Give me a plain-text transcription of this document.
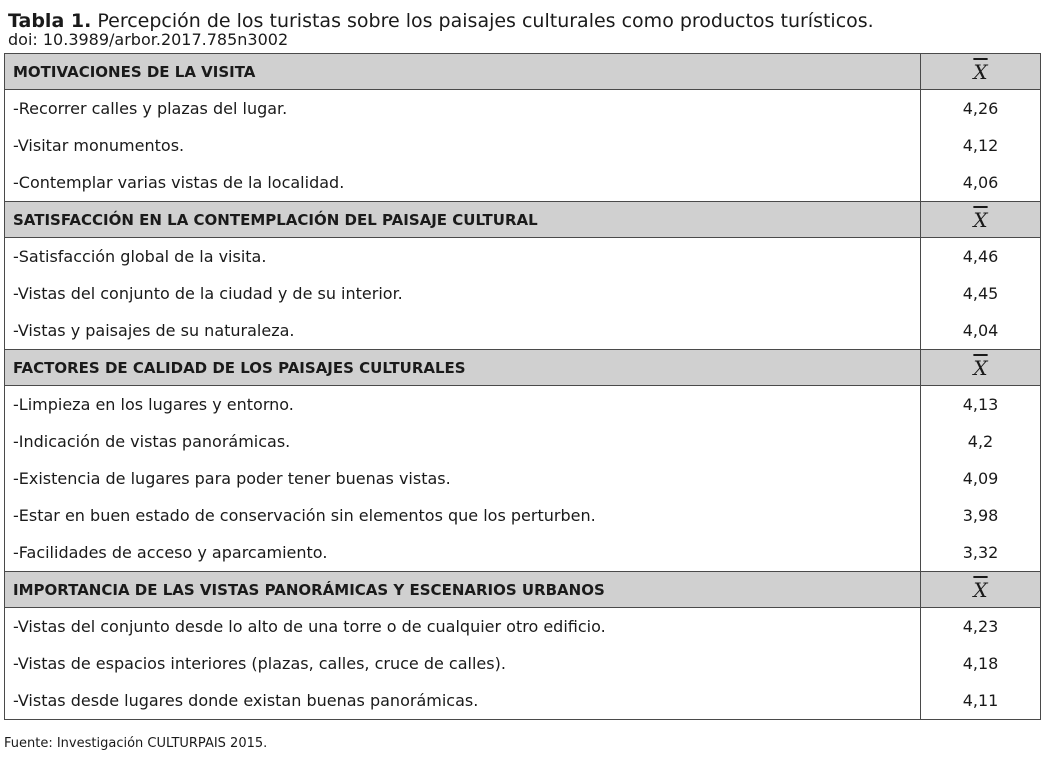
Tabla 1. Percepción de los turistas sobre los paisajes culturales como productos turísticos.
doi: 10.3989/arbor.2017.785n3002
MOTIVACIONES DE LA VISITA	$\overline{X}$
-Recorrer calles y plazas del lugar.	4,26
-Visitar monumentos.	4,12
-Contemplar varias vistas de la localidad.	4,06
SATISFACCIÓN EN LA CONTEMPLACIÓN DEL PAISAJE CULTURAL	$\overline{X}$
-Satisfacción global de la visita.	4,46
-Vistas del conjunto de la ciudad y de su interior.	4,45
-Vistas y paisajes de su naturaleza.	4,04
FACTORES DE CALIDAD DE LOS PAISAJES CULTURALES	$\overline{X}$
-Limpieza en los lugares y entorno.	4,13
-Indicación de vistas panorámicas.	4,2
-Existencia de lugares para poder tener buenas vistas.	4,09
-Estar en buen estado de conservación sin elementos que los perturben.	3,98
-Facilidades de acceso y aparcamiento.	3,32
IMPORTANCIA DE LAS VISTAS PANORÁMICAS Y ESCENARIOS URBANOS	$\overline{X}$
-Vistas del conjunto desde lo alto de una torre o de cualquier otro edificio.	4,23
-Vistas de espacios interiores (plazas, calles, cruce de calles).	4,18
-Vistas desde lugares donde existan buenas panorámicas.	4,11
Fuente: Investigación CULTURPAIS 2015.
